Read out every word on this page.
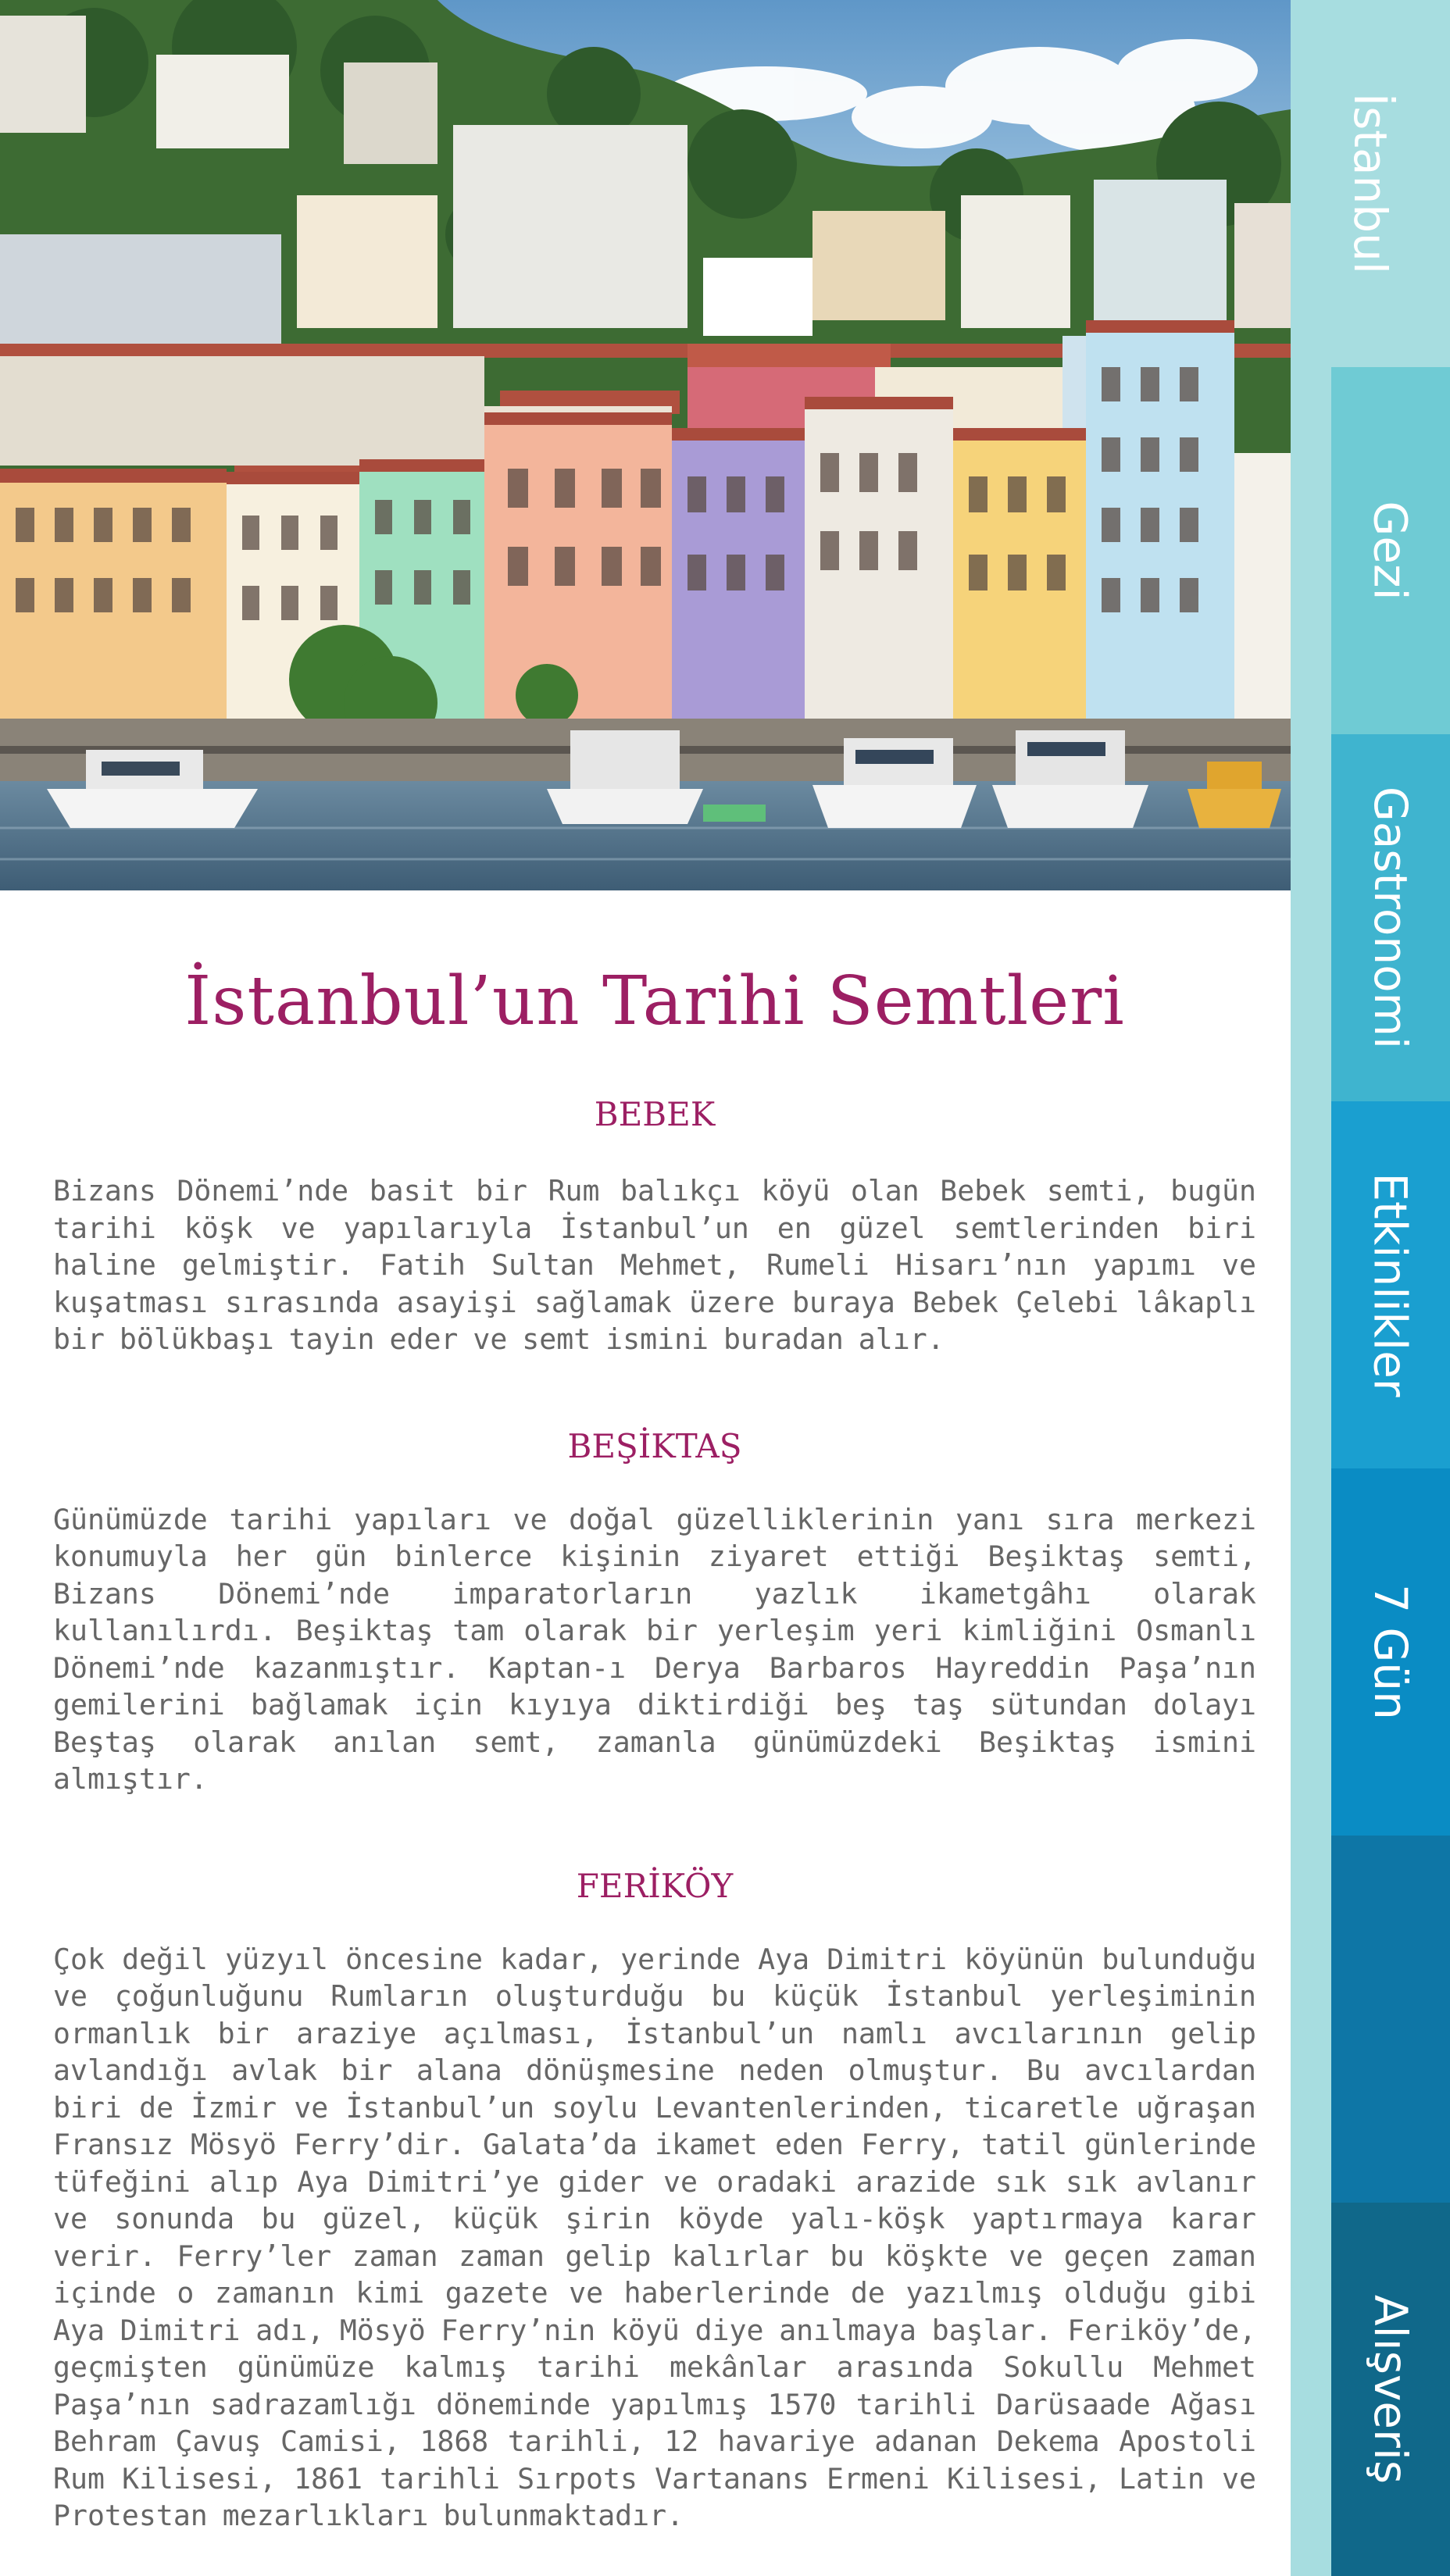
İstanbul
Gezi
Gastronomi
Etkinlikler
7 Gün
Alışveriş
İstanbul’un Tarihi Semtleri
BEBEK

Bizans Dönemi’nde basit bir Rum balıkçı köyü olan Bebek semti, bugün tarihi köşk ve yapılarıyla İstanbul’un en güzel semtlerinden biri haline gelmiştir. Fatih Sultan Mehmet, Rumeli Hisarı’nın yapımı ve kuşatması sırasında asayişi sağlamak üzere buraya Bebek Çelebi lâkaplı bir bölükbaşı tayin eder ve semt ismini buradan alır.

BEŞİKTAŞ

Günümüzde tarihi yapıları ve doğal güzelliklerinin yanı sıra merkezi konumuyla her gün binlerce kişinin ziyaret ettiği Beşiktaş semti, Bizans Dönemi’nde imparatorların yazlık ikametgâhı olarak kullanılırdı. Beşiktaş tam olarak bir yerleşim yeri kimliğini Osmanlı Dönemi’nde kazanmıştır. Kaptan-ı Derya Barbaros Hayreddin Paşa’nın gemilerini bağlamak için kıyıya diktirdiği beş taş sütundan dolayı Beştaş olarak anılan semt, zamanla günümüzdeki Beşiktaş ismini almıştır.

FERİKÖY

Çok değil yüzyıl öncesine kadar, yerinde Aya Dimitri köyünün bulunduğu ve çoğunluğunu Rumların oluşturduğu bu küçük İstanbul yerleşiminin ormanlık bir araziye açılması, İstanbul’un namlı avcılarının gelip avlandığı avlak bir alana dönüşmesine neden olmuştur. Bu avcılardan biri de İzmir ve İstanbul’un soylu Levantenlerinden, ticaretle uğraşan Fransız Mösyö Ferry’dir. Galata’da ikamet eden Ferry, tatil günlerinde tüfeğini alıp Aya Dimitri’ye gider ve oradaki arazide sık sık avlanır ve sonunda bu güzel, küçük şirin köyde yalı-köşk yaptırmaya karar verir. Ferry’ler zaman zaman gelip kalırlar bu köşkte ve geçen zaman içinde o zamanın kimi gazete ve haberlerinde de yazılmış olduğu gibi Aya Dimitri adı, Mösyö Ferry’nin köyü diye anılmaya başlar. Feriköy’de, geçmişten günümüze kalmış tarihi mekânlar arasında Sokullu Mehmet Paşa’nın sadrazamlığı döneminde yapılmış 1570 tarihli Darüsaade Ağası Behram Çavuş Camisi, 1868 tarihli, 12 havariye adanan Dekema Apostoli Rum Kilisesi, 1861 tarihli Sırpots Vartanans Ermeni Kilisesi, Latin ve Protestan mezarlıkları bulunmaktadır.
